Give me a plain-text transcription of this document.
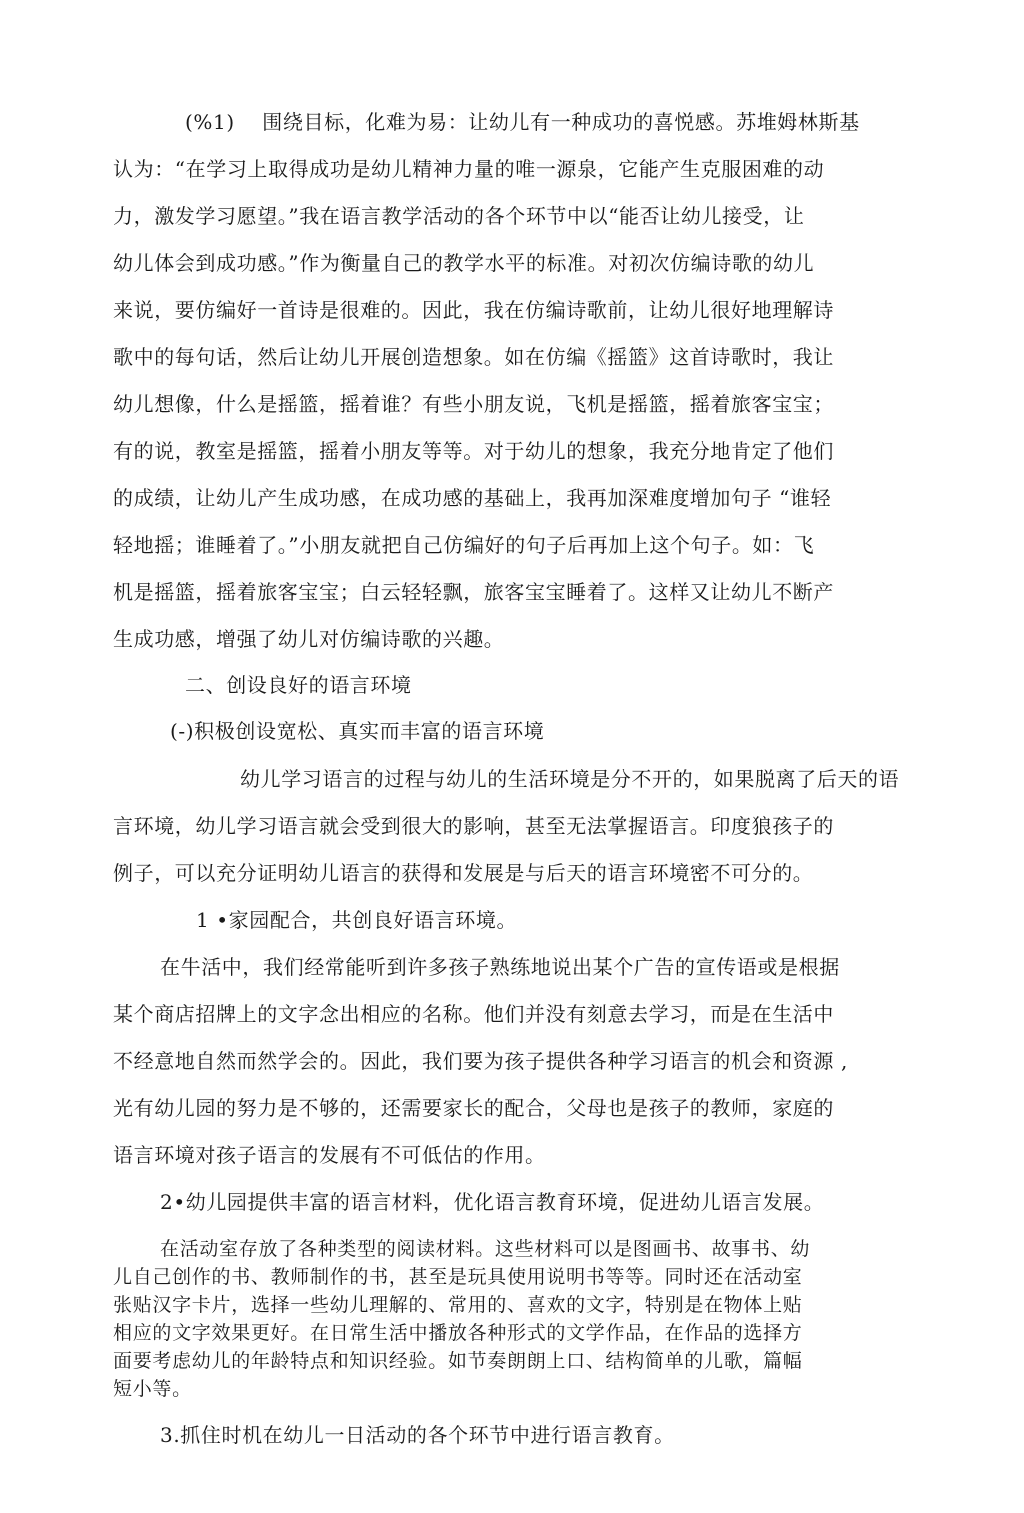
(%1)　 围绕目标，化难为易：让幼儿有一种成功的喜悦感。苏堆姆林斯基
认为：“在学习上取得成功是幼儿精神力量的唯一源泉，它能产生克服困难的动
力，激发学习愿望。”我在语言教学活动的各个环节中以“能否让幼儿接受，让
幼儿体会到成功感。”作为衡量自己的教学水平的标准。对初次仿编诗歌的幼儿
来说，要仿编好一首诗是很难的。因此，我在仿编诗歌前，让幼儿很好地理解诗
歌中的每句话，然后让幼儿开展创造想象。如在仿编《摇篮》这首诗歌时，我让
幼儿想像，什么是摇篮，摇着谁？有些小朋友说，飞机是摇篮，摇着旅客宝宝；
有的说，教室是摇篮，摇着小朋友等等。对于幼儿的想象，我充分地肯定了他们
的成绩，让幼儿产生成功感，在成功感的基础上，我再加深难度增加句子 “谁轻
轻地摇；谁睡着了。”小朋友就把自己仿编好的句子后再加上这个句子。如：飞
机是摇篮，摇着旅客宝宝；白云轻轻飘，旅客宝宝睡着了。这样又让幼儿不断产
生成功感，增强了幼儿对仿编诗歌的兴趣。
二、创设良好的语言环境
(-)积极创设宽松、真实而丰富的语言环境
幼儿学习语言的过程与幼儿的生活环境是分不开的，如果脱离了后天的语
言环境，幼儿学习语言就会受到很大的影响，甚至无法掌握语言。印度狼孩子的
例子，可以充分证明幼儿语言的获得和发展是与后天的语言环境密不可分的。
1 •家园配合，共创良好语言环境。
在牛活中，我们经常能听到许多孩子熟练地说出某个广告的宣传语或是根据
某个商店招牌上的文字念出相应的名称。他们并没有刻意去学习，而是在生活中
不经意地自然而然学会的。因此，我们要为孩子提供各种学习语言的机会和资源 ,
光有幼儿园的努力是不够的，还需要家长的配合，父母也是孩子的教师，家庭的
语言环境对孩子语言的发展有不可低估的作用。
2•幼儿园提供丰富的语言材料，优化语言教育环境，促进幼儿语言发展。
在活动室存放了各种类型的阅读材料。这些材料可以是图画书、故事书、幼
儿自己创作的书、教师制作的书，甚至是玩具使用说明书等等。同时还在活动室
张贴汉字卡片，选择一些幼儿理解的、常用的、喜欢的文字，特别是在物体上贴
相应的文字效果更好。在日常生活中播放各种形式的文学作品，在作品的选择方
面要考虑幼儿的年龄特点和知识经验。如节奏朗朗上口、结构简单的儿歌，篇幅
短小等。
3.抓住时机在幼儿一日活动的各个环节中进行语言教育。
